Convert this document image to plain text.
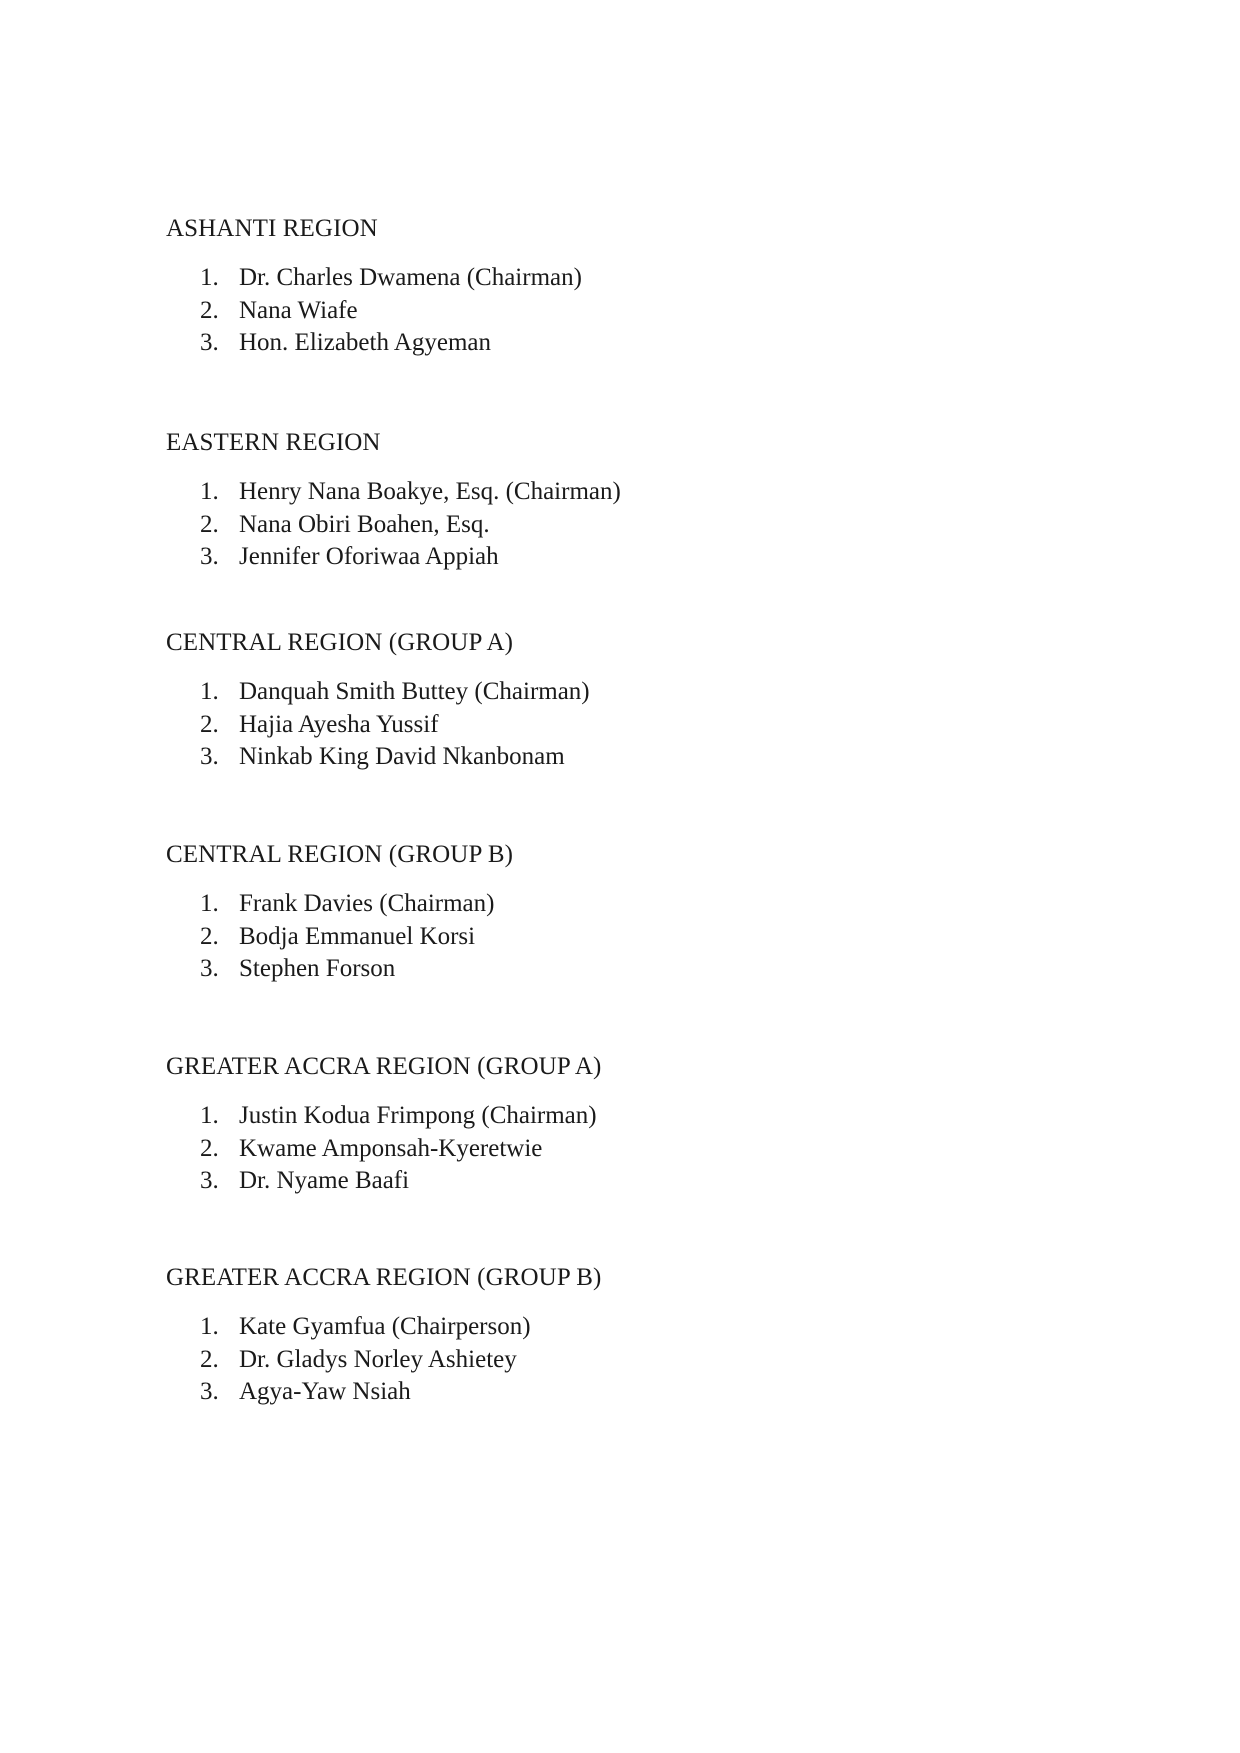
ASHANTI REGION
1. Dr. Charles Dwamena (Chairman)
2. Nana Wiafe
3. Hon. Elizabeth Agyeman
EASTERN REGION
1. Henry Nana Boakye, Esq. (Chairman)
2. Nana Obiri Boahen, Esq.
3. Jennifer Oforiwaa Appiah
CENTRAL REGION (GROUP A)
1. Danquah Smith Buttey (Chairman)
2. Hajia Ayesha Yussif
3. Ninkab King David Nkanbonam
CENTRAL REGION (GROUP B)
1. Frank Davies (Chairman)
2. Bodja Emmanuel Korsi
3. Stephen Forson
GREATER ACCRA REGION (GROUP A)
1. Justin Kodua Frimpong (Chairman)
2. Kwame Amponsah-Kyeretwie
3. Dr. Nyame Baafi
GREATER ACCRA REGION (GROUP B)
1. Kate Gyamfua (Chairperson)
2. Dr. Gladys Norley Ashietey
3. Agya-Yaw Nsiah
